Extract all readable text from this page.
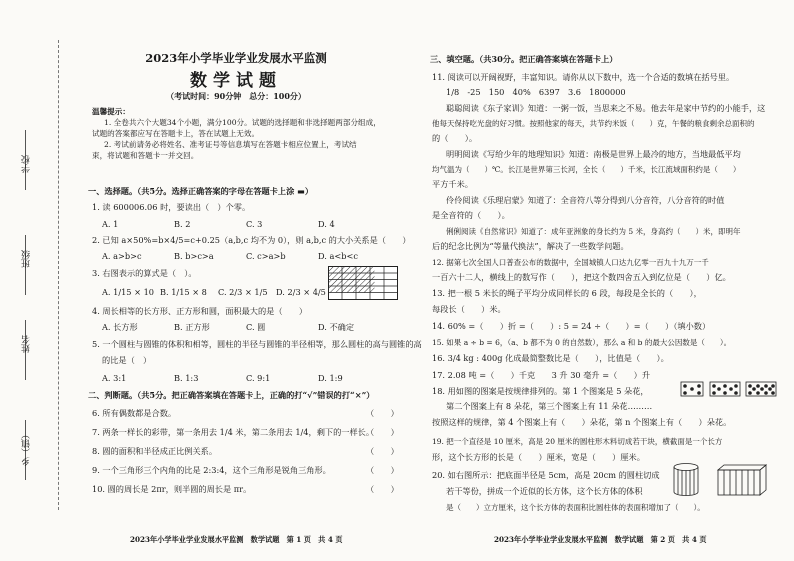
学校
班级
姓名
乡（镇）
2023年小学毕业学业发展水平监测
数学试题
（考试时间：90分钟　总分：100分）
温馨提示：
1. 全卷共六个大题34个小题，满分100分。试题的选择题和非选择题两部分组成，
试题的答案都应写在答题卡上，答在试题上无效。
2. 考试前请务必将姓名、准考证号等信息填写在答题卡相应位置上，考试结
束，将试题和答题卡一并交回。
一、选择题。（共5分。选择正确答案的字母在答题卡上涂 ▬）
1. 读 600006.06 时，要读出（　）个零。
A. 1	B. 2	C. 3	D. 4
2. 已知 a×50%=b×4/5=c+0.25（a,b,c 均不为 0），则 a,b,c 的大小关系是（　　）
A. a>b>c	B. b>c>a	C. c>a>b	D. a<b<c
3. 右图表示的算式是（　）。
A. 1/15 × 10 B. 1/15 × 8 C. 2/3 × 1/5 D. 2/3 × 4/5
4. 周长相等的长方形、正方形和圆，面积最大的是（　　）
A. 长方形	B. 正方形	C. 圆	D. 不确定
5. 一个圆柱与圆锥的体积和相等，圆柱的半径与圆锥的半径相等，那么圆柱的高与圆锥的高
的比是（　）
A. 3:1	B. 1:3	C. 9:1	D. 1:9
二、判断题。（共5分。把正确答案填在答题卡上，正确的打“√”错误的打“×”）
6. 所有偶数都是合数。	（　　）
7. 两条一样长的彩带，第一条用去 1/4 米，第二条用去 1/4，剩下的一样长。
（　　）
8. 圆的面积和半径成正比例关系。	（　　）
9. 一个三角形三个内角的比是 2:3:4，这个三角形是锐角三角形。	（　　）
10. 圆的周长是 2πr，则半圆的周长是 πr。	（　　）
2023年小学毕业学业发展水平监测　数学试题　第 1 页　共 4 页
三、填空题。（共30分。把正确答案填在答题卡上）
11. 阅读可以开阔视野，丰富知识。请你从以下数中，选一个合适的数填在括号里。
1/8　-25　150　40%　6397　3.6　1800000
聪聪阅读《东子家训》知道：一粥一饭，当思来之不易。他去年是家中节约的小能手，这
他每天保持吃光盘的好习惯。按照他家的每天，共节约米饭（　　）克，午餐的粮食剩余总面积的
的（　　）。
明明阅读《写给少年的地理知识》知道：南极是世界上最冷的地方，当地最低平均
均气温为（　　）℃。长江是世界第三长河，全长（　　）千米，长江流域面积约是（　　）
平方千米。
伶伶阅读《乐理启蒙》知道了：全音符八等分得到八分音符，八分音符的时值
是全音符的（　　）。
俐俐阅读《自然常识》知道了：成年亚洲象的身长约为 5 米，身高约（　　）米，即明年
后的纪念比例为“等量代换法”，解决了一些数学问题。
12. 据第七次全国人口普查公布的数据中，全国城镇人口达九亿零一百九十九万一千
一百六十二人，横线上的数写作（　　），把这个数四舍五入到亿位是（　　）亿。
13. 把一根 5 米长的绳子平均分成同样长的 6 段，每段是全长的（　　），
每段长（　　）米。
14. 60% =（　　）折 =（　　）: 5 = 24 ÷（　　）=（　　）（填小数）
15. 如果 a ÷ b = 6，（a、b 都不为 0 的自然数），那么 a 和 b 的最大公因数是（　　）。
16. 3/4 kg : 400g 化成最简整数比是（　　），比值是（　　）。
17. 2.08 吨 =（　　）千克　　3 升 30 毫升 =（　　）升
18. 用如图的图案是按规律排列的。第 1 个图案是 5 朵花，
第二个图案上有 8 朵花，第三个图案上有 11 朵花………
按照这样的规律，第 4 个图案上有（　　）朵花，第 n 个图案上有（　　）朵花。
19. 把一个直径是 10 厘米，高是 20 厘米的圆柱形木料切成若干块，横截面是一个长方
形，这个长方形的长是（　　）厘米，宽是（　　）厘米。
20. 如右图所示：把底面半径是 5cm，高是 20cm 的圆柱切成
若干等份，拼成一个近似的长方体，这个长方体的体积
是（　　）立方厘米，这个长方体的表面积比圆柱体的表面积增加了（　　）。
2023年小学毕业学业发展水平监测　数学试题　第 2 页　共 4 页
